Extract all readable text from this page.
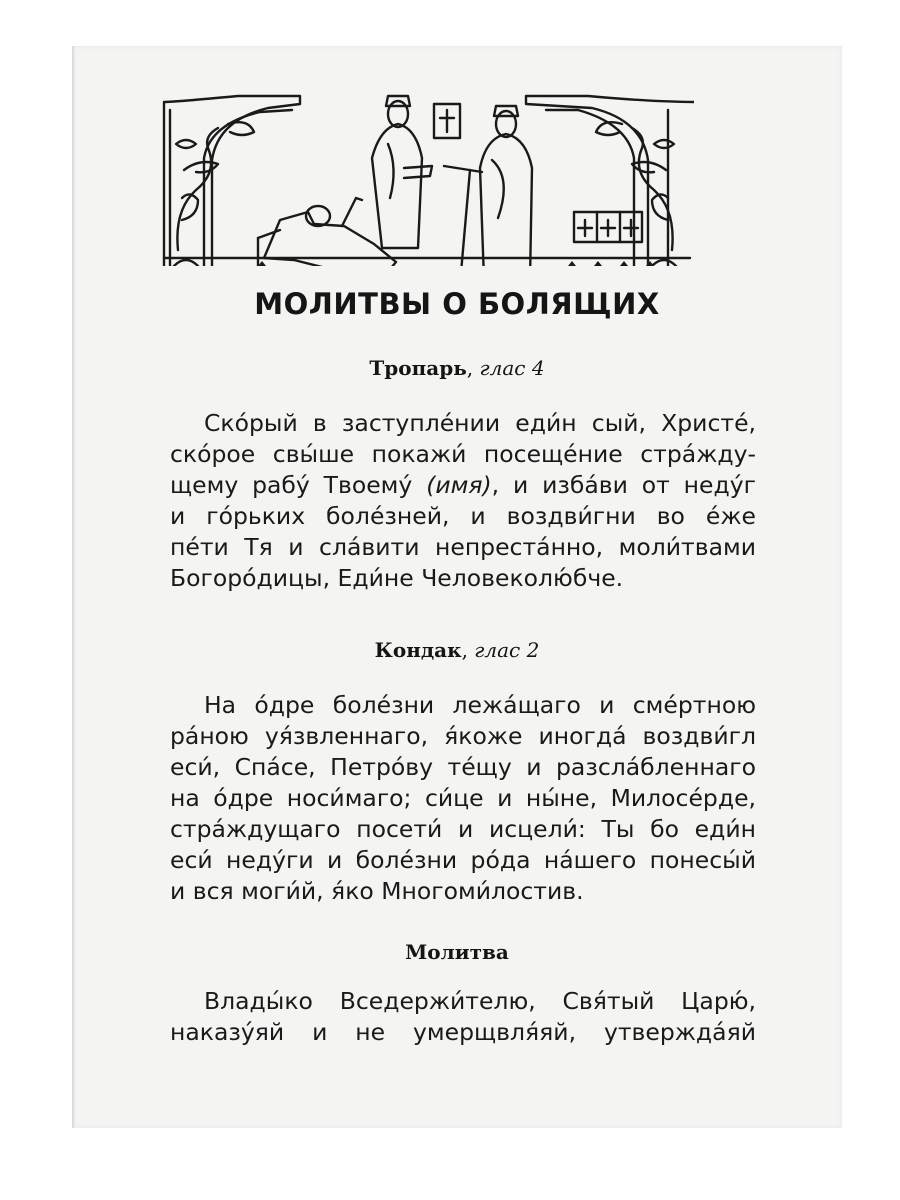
МОЛИТВЫ О БОЛЯЩИХ

Тропарь, глас 4

Ско́рый в заступле́нии еди́н сый, Христе́,
ско́рое свы́ше покажи́ посеще́ние стра́жду-
щему рабу́ Твоему́ (имя), и изба́ви от неду́г
и го́рьких боле́зней, и воздви́гни во е́же
пе́ти Тя и сла́вити непреста́нно, моли́твами
Богоро́дицы, Еди́не Человеколю́бче.

Кондак, глас 2

На о́дре боле́зни лежа́щаго и сме́ртною
ра́ною уя́звленнаго, я́коже иногда́ воздви́гл
еси́, Спа́се, Петро́ву те́щу и разсла́бленнаго
на о́дре носи́маго; си́це и ны́не, Милосе́рде,
стра́ждущаго посети́ и исцели́: Ты бо еди́н
еси́ неду́ги и боле́зни ро́да на́шего понесы́й
и вся моги́й, я́ко Многоми́лостив.

Молитва

Влады́ко Вседержи́телю, Свя́тый Царю́,
наказу́яй и не умерщвля́яй, утвержда́яй
